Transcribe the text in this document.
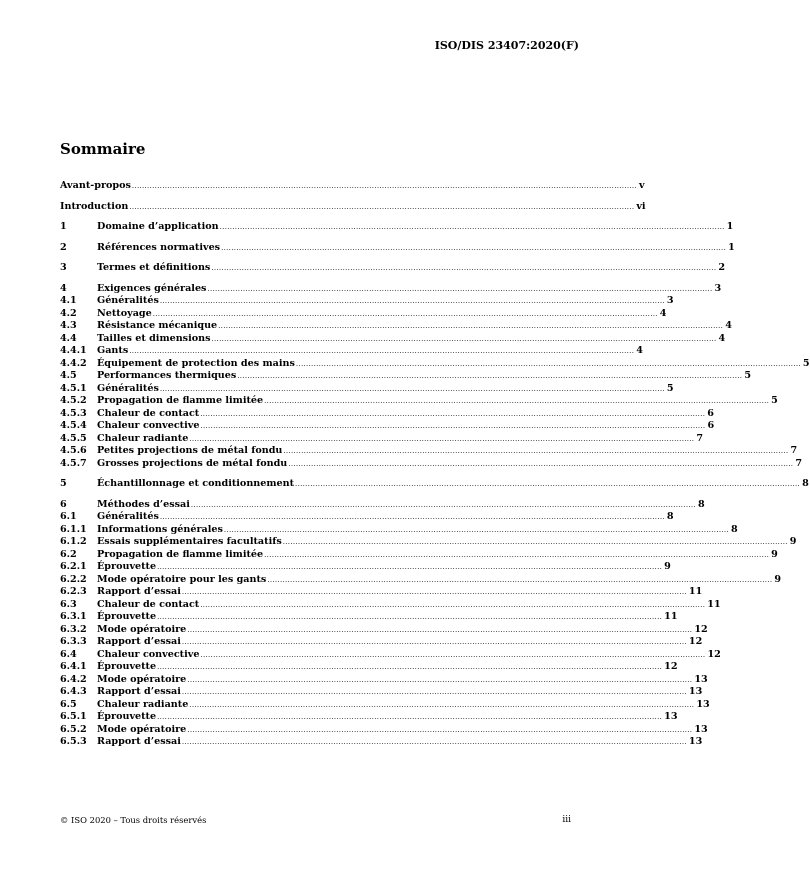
ISO/DIS 23407:2020(F)
Sommaire
Avant-propos ........................................................................................................................................................................................................ v
Introduction ........................................................................................................................................................................................................ vi
1	Domaine d’application ........................................................................................................................................................................................................ 1
2	Références normatives ........................................................................................................................................................................................................ 1
3	Termes et définitions ........................................................................................................................................................................................................ 2
4	Exigences générales ........................................................................................................................................................................................................ 3
4.1	Généralités ........................................................................................................................................................................................................ 3
4.2	Nettoyage ........................................................................................................................................................................................................ 4
4.3	Résistance mécanique ........................................................................................................................................................................................................ 4
4.4	Tailles et dimensions ........................................................................................................................................................................................................ 4
4.4.1	Gants ........................................................................................................................................................................................................ 4
4.4.2	Équipement de protection des mains ........................................................................................................................................................................................................ 5
4.5	Performances thermiques ........................................................................................................................................................................................................ 5
4.5.1	Généralités ........................................................................................................................................................................................................ 5
4.5.2	Propagation de flamme limitée ........................................................................................................................................................................................................ 5
4.5.3	Chaleur de contact ........................................................................................................................................................................................................ 6
4.5.4	Chaleur convective ........................................................................................................................................................................................................ 6
4.5.5	Chaleur radiante ........................................................................................................................................................................................................ 7
4.5.6	Petites projections de métal fondu ........................................................................................................................................................................................................ 7
4.5.7	Grosses projections de métal fondu ........................................................................................................................................................................................................ 7
5	Échantillonnage et conditionnement ........................................................................................................................................................................................................ 8
6	Méthodes d’essai ........................................................................................................................................................................................................ 8
6.1	Généralités ........................................................................................................................................................................................................ 8
6.1.1	Informations générales ........................................................................................................................................................................................................ 8
6.1.2	Essais supplémentaires facultatifs ........................................................................................................................................................................................................ 9
6.2	Propagation de flamme limitée ........................................................................................................................................................................................................ 9
6.2.1	Éprouvette ........................................................................................................................................................................................................ 9
6.2.2	Mode opératoire pour les gants ........................................................................................................................................................................................................ 9
6.2.3	Rapport d’essai ........................................................................................................................................................................................................ 11
6.3	Chaleur de contact ........................................................................................................................................................................................................ 11
6.3.1	Éprouvette ........................................................................................................................................................................................................ 11
6.3.2	Mode opératoire ........................................................................................................................................................................................................ 12
6.3.3	Rapport d’essai ........................................................................................................................................................................................................ 12
6.4	Chaleur convective ........................................................................................................................................................................................................ 12
6.4.1	Éprouvette ........................................................................................................................................................................................................ 12
6.4.2	Mode opératoire ........................................................................................................................................................................................................ 13
6.4.3	Rapport d’essai ........................................................................................................................................................................................................ 13
6.5	Chaleur radiante ........................................................................................................................................................................................................ 13
6.5.1	Éprouvette ........................................................................................................................................................................................................ 13
6.5.2	Mode opératoire ........................................................................................................................................................................................................ 13
6.5.3	Rapport d’essai ........................................................................................................................................................................................................ 13
© ISO 2020 – Tous droits réservés	iii
